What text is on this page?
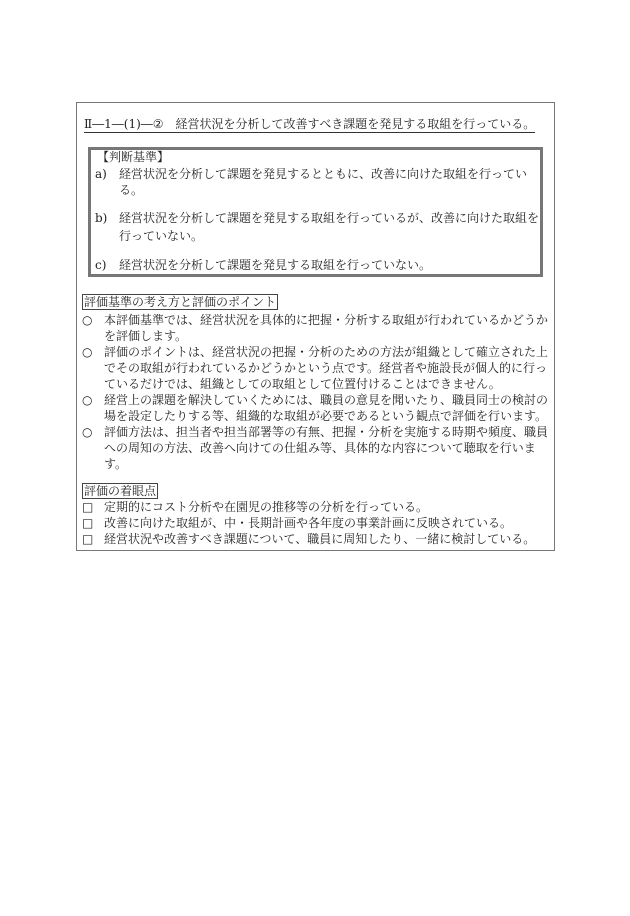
Ⅱ―1―(1)―②　経営状況を分析して改善すべき課題を発見する取組を行っている。
【判断基準】
a) 経営状況を分析して課題を発見するとともに、改善に向けた取組を行ってい
る。
b) 経営状況を分析して課題を発見する取組を行っているが、改善に向けた取組を
行っていない。
c) 経営状況を分析して課題を発見する取組を行っていない。
評価基準の考え方と評価のポイント
○ 本評価基準では、経営状況を具体的に把握・分析する取組が行われているかどうか
を評価します。
○ 評価のポイントは、経営状況の把握・分析のための方法が組織として確立された上
でその取組が行われているかどうかという点です。経営者や施設長が個人的に行っ
ているだけでは、組織としての取組として位置付けることはできません。
○ 経営上の課題を解決していくためには、職員の意見を聞いたり、職員同士の検討の
場を設定したりする等、組織的な取組が必要であるという観点で評価を行います。
○ 評価方法は、担当者や担当部署等の有無、把握・分析を実施する時期や頻度、職員
への周知の方法、改善へ向けての仕組み等、具体的な内容について聴取を行いま
す。
評価の着眼点
□ 定期的にコスト分析や在園児の推移等の分析を行っている。
□ 改善に向けた取組が、中・長期計画や各年度の事業計画に反映されている。
□ 経営状況や改善すべき課題について、職員に周知したり、一緒に検討している。
